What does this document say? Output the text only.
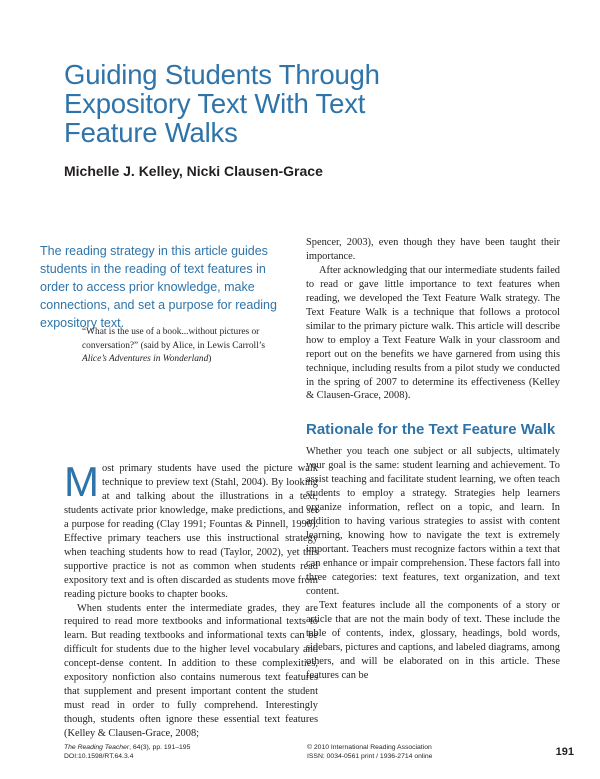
Guiding Students Through
Expository Text With Text
Feature Walks

Michelle J. Kelley, Nicki Clausen-Grace

The reading strategy in this article guides students in the reading of text features in order to access prior knowledge, make connections, and set a purpose for reading expository text.

“What is the use of a book...without pictures or conversation?” (said by Alice, in Lewis Carroll’s Alice’s Adventures in Wonderland)

Most primary students have used the picture walk technique to preview text (Stahl, 2004). By looking at and talking about the illustrations in a text, students activate prior knowledge, make predictions, and set a purpose for reading (Clay 1991; Fountas & Pinnell, 1996). Effective primary teachers use this instructional strategy when teaching students how to read (Taylor, 2002), yet this supportive practice is not as common when students read expository text and is often discarded as students move from reading picture books to chapter books.

When students enter the intermediate grades, they are required to read more textbooks and informational texts to learn. But reading textbooks and informational texts can be difficult for students due to the higher level vocabulary and concept-dense content. In addition to these complexities, expository nonfiction also contains numerous text features that supplement and present important content the student must read in order to fully comprehend. Interestingly though, students often ignore these essential text features (Kelley & Clausen-Grace, 2008;

Spencer, 2003), even though they have been taught their importance.

After acknowledging that our intermediate students failed to read or gave little importance to text features when reading, we developed the Text Feature Walk strategy. The Text Feature Walk is a technique that follows a protocol similar to the primary picture walk. This article will describe how to employ a Text Feature Walk in your classroom and report out on the benefits we have garnered from using this technique, including results from a pilot study we conducted in the spring of 2007 to determine its effectiveness (Kelley & Clausen-Grace, 2008).

Rationale for the Text Feature Walk

Whether you teach one subject or all subjects, ultimately your goal is the same: student learning and achievement. To assist teaching and facilitate student learning, we often teach students to employ a strategy. Strategies help learners organize information, reflect on a topic, and learn. In addition to having various strategies to assist with content learning, knowing how to navigate the text is extremely important. Teachers must recognize factors within a text that can enhance or impair comprehension. These factors fall into three categories: text features, text organization, and text content.

Text features include all the components of a story or article that are not the main body of text. These include the table of contents, index, glossary, headings, bold words, sidebars, pictures and captions, and labeled diagrams, among others, and will be elaborated on in this article. These features can be

The Reading Teacher, 64(3), pp. 191–195
DOI:10.1598/RT.64.3.4
© 2010 International Reading Association
ISSN: 0034-0561 print / 1936-2714 online	191
